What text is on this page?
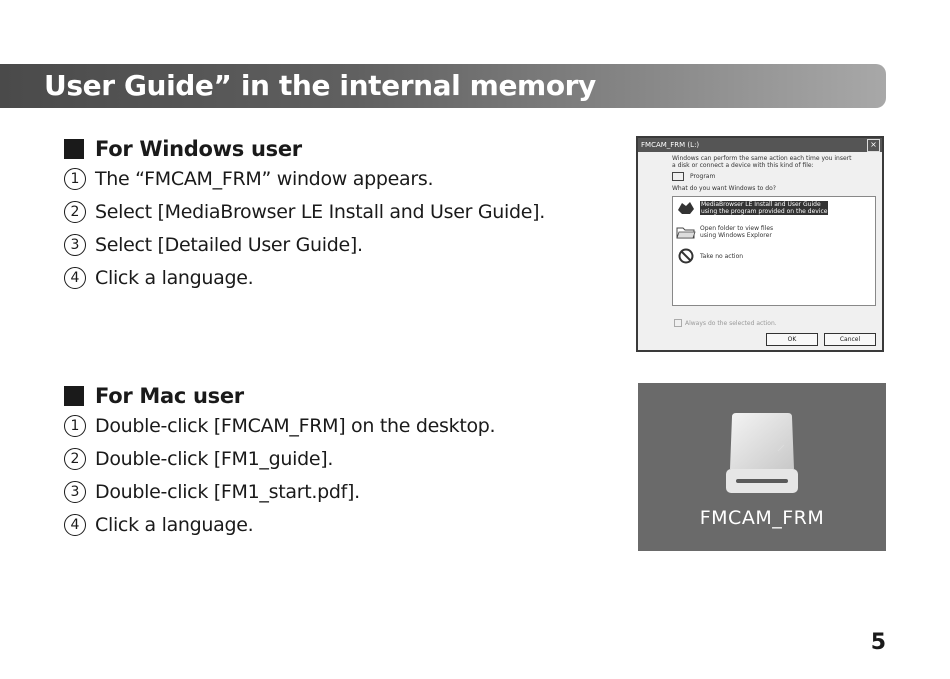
User Guide” in the internal memory
For Windows user
1 The “FMCAM_FRM” window appears.
2 Select [MediaBrowser LE Install and User Guide].
3 Select [Detailed User Guide].
4 Click a language.
For Mac user
1 Double-click [FMCAM_FRM] on the desktop.
2 Double-click [FM1_guide].
3 Double-click [FM1_start.pdf].
4 Click a language.
FMCAM_FRM (L:)	×
Windows can perform the same action each time you insert
a disk or connect a device with this kind of file:
Program
What do you want Windows to do?
MediaBrowser LE Install and User Guide
using the program provided on the device
Open folder to view files
using Windows Explorer
Take no action
Always do the selected action.
OK	Cancel
FMCAM_FRM
5
